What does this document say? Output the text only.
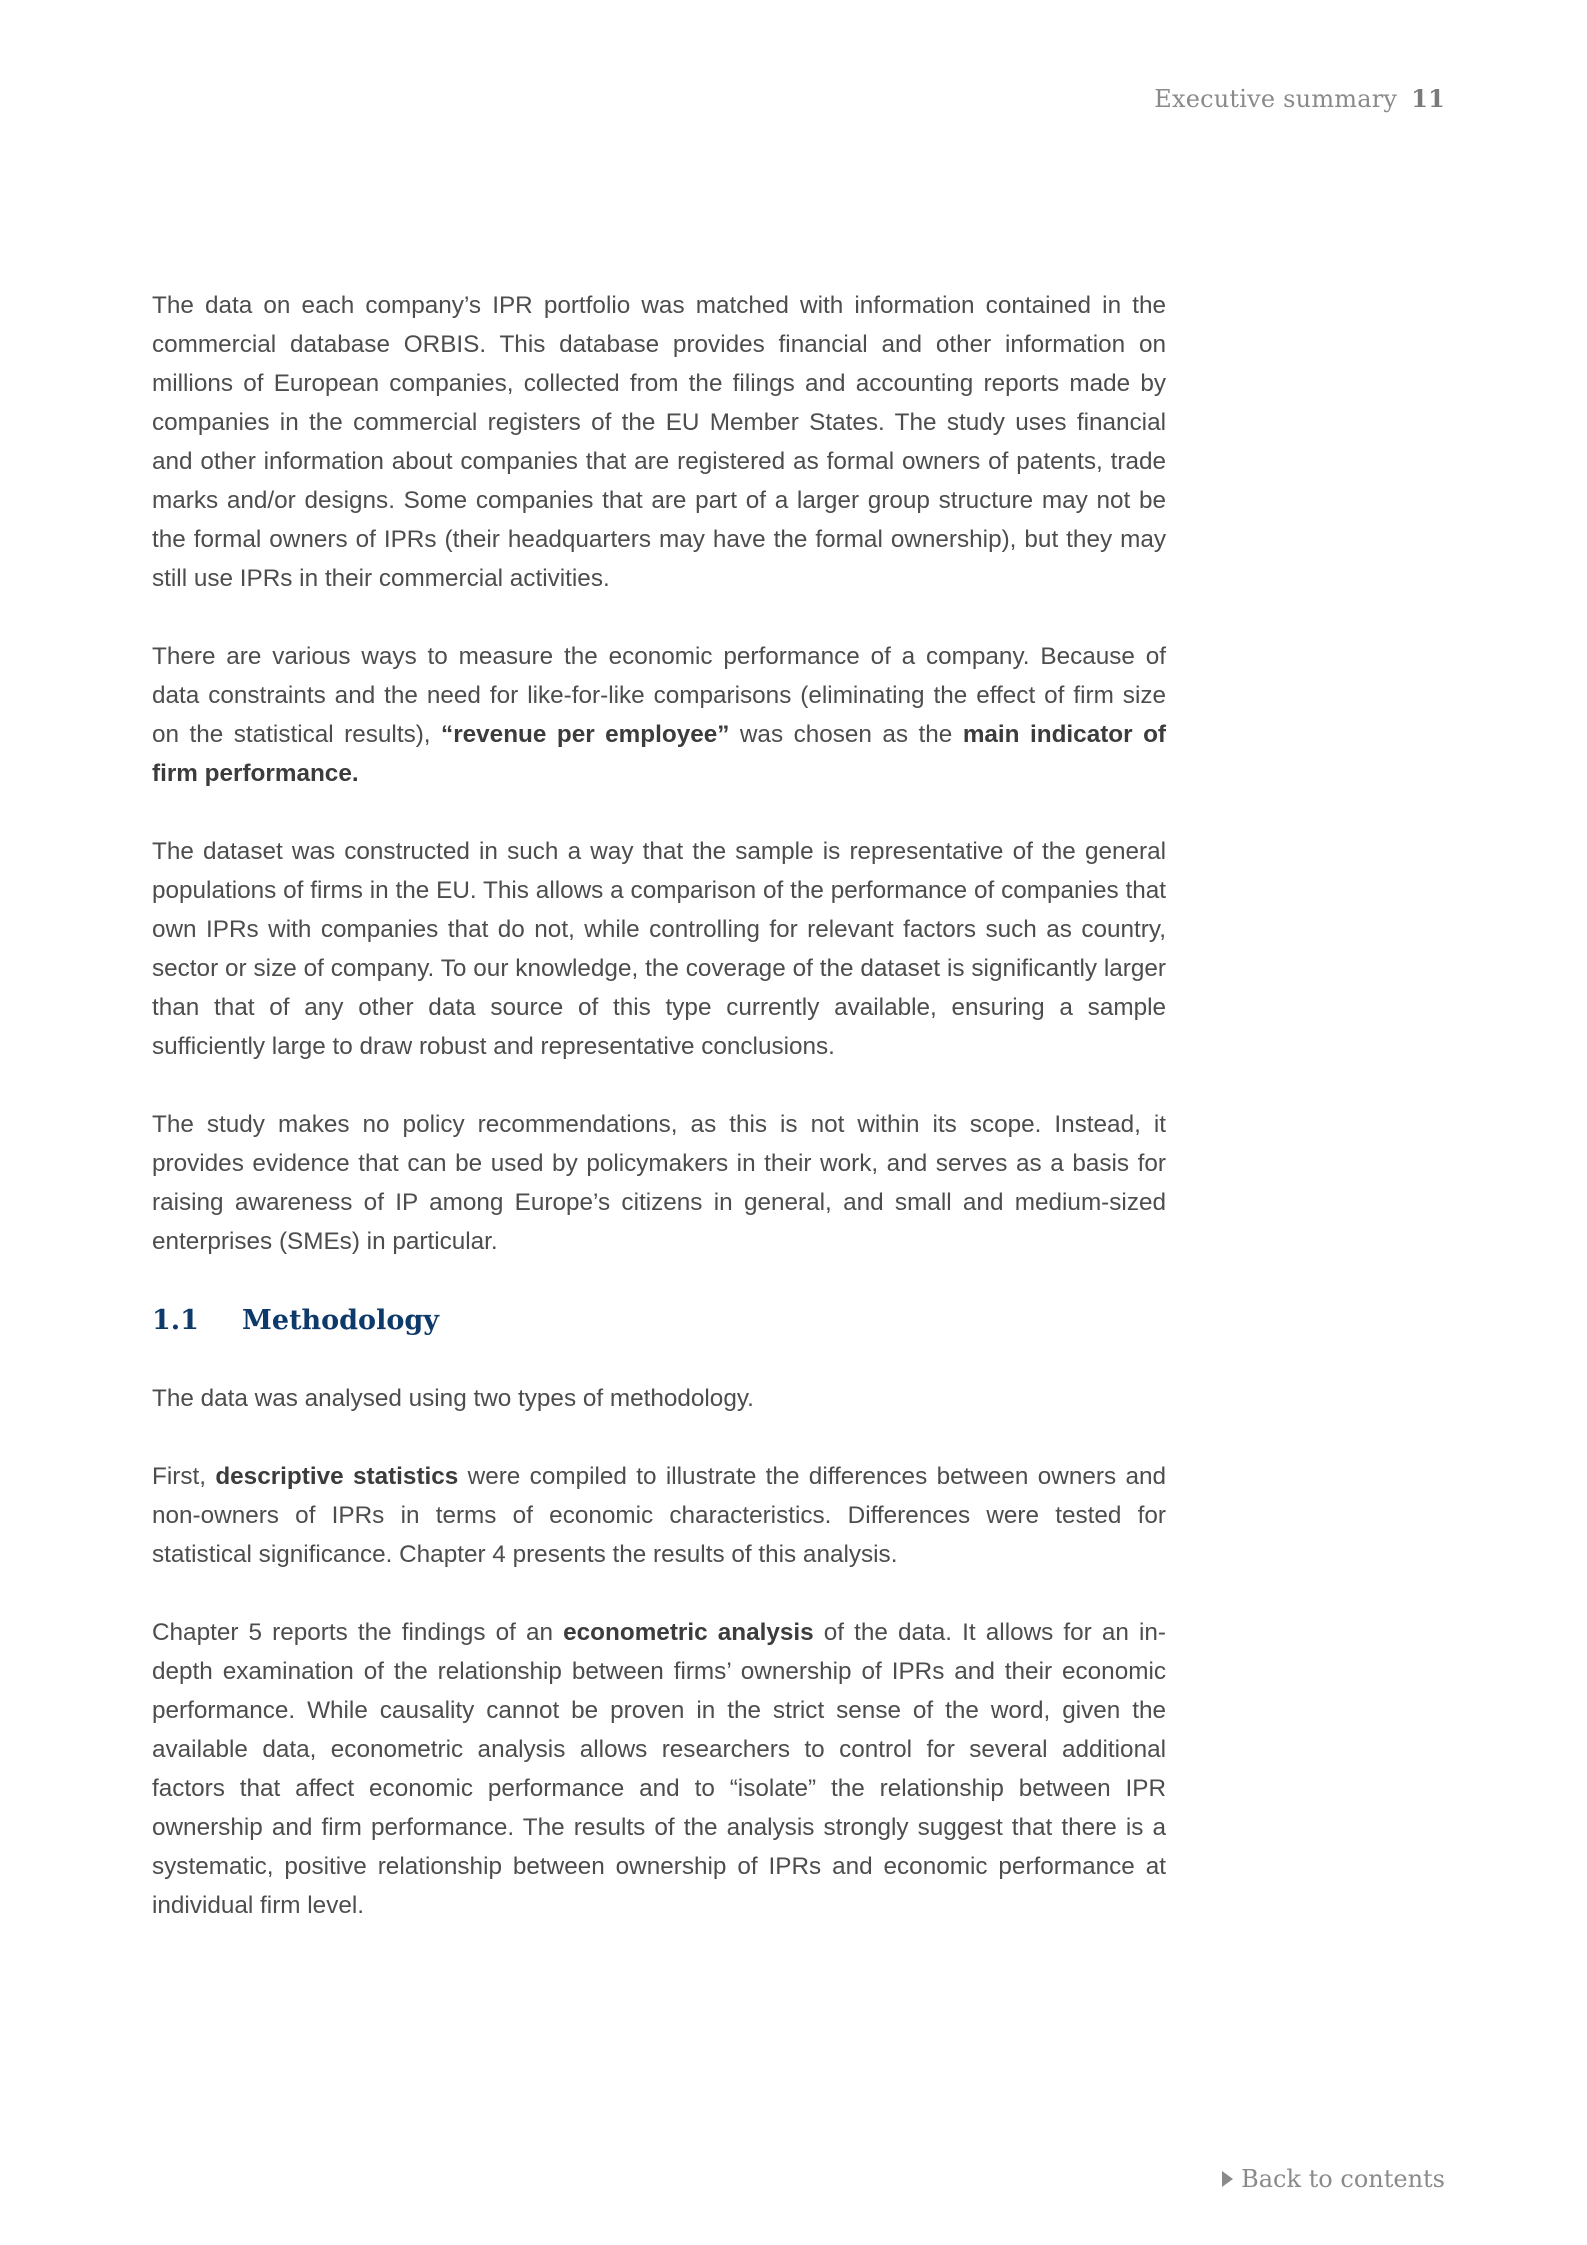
Executive summary 11

The data on each company’s IPR portfolio was matched with information contained in the commercial database ORBIS. This database provides financial and other information on millions of European companies, collected from the filings and accounting reports made by companies in the commercial registers of the EU Member States. The study uses financial and other information about companies that are registered as formal owners of patents, trade marks and/or designs. Some companies that are part of a larger group structure may not be the formal owners of IPRs (their headquarters may have the formal ownership), but they may still use IPRs in their commercial activities.

There are various ways to measure the economic performance of a company. Because of data constraints and the need for like-for-like comparisons (eliminating the effect of firm size on the statistical results), “revenue per employee” was chosen as the main indicator of firm performance.

The dataset was constructed in such a way that the sample is representative of the general populations of firms in the EU. This allows a comparison of the performance of companies that own IPRs with companies that do not, while controlling for relevant factors such as country, sector or size of company. To our knowledge, the coverage of the dataset is significantly larger than that of any other data source of this type currently available, ensuring a sample sufficiently large to draw robust and representative conclusions.

The study makes no policy recommendations, as this is not within its scope. Instead, it provides evidence that can be used by policymakers in their work, and serves as a basis for raising awareness of IP among Europe’s citizens in general, and small and medium-sized enterprises (SMEs) in particular.

1.1	Methodology

The data was analysed using two types of methodology.

First, descriptive statistics were compiled to illustrate the differences between owners and non-owners of IPRs in terms of economic characteristics. Differences were tested for statistical significance. Chapter 4 presents the results of this analysis.

Chapter 5 reports the findings of an econometric analysis of the data. It allows for an in-depth examination of the relationship between firms’ ownership of IPRs and their economic performance. While causality cannot be proven in the strict sense of the word, given the available data, econometric analysis allows researchers to control for several additional factors that affect economic performance and to “isolate” the relationship between IPR ownership and firm performance. The results of the analysis strongly suggest that there is a systematic, positive relationship between ownership of IPRs and economic performance at individual firm level.

Back to contents
